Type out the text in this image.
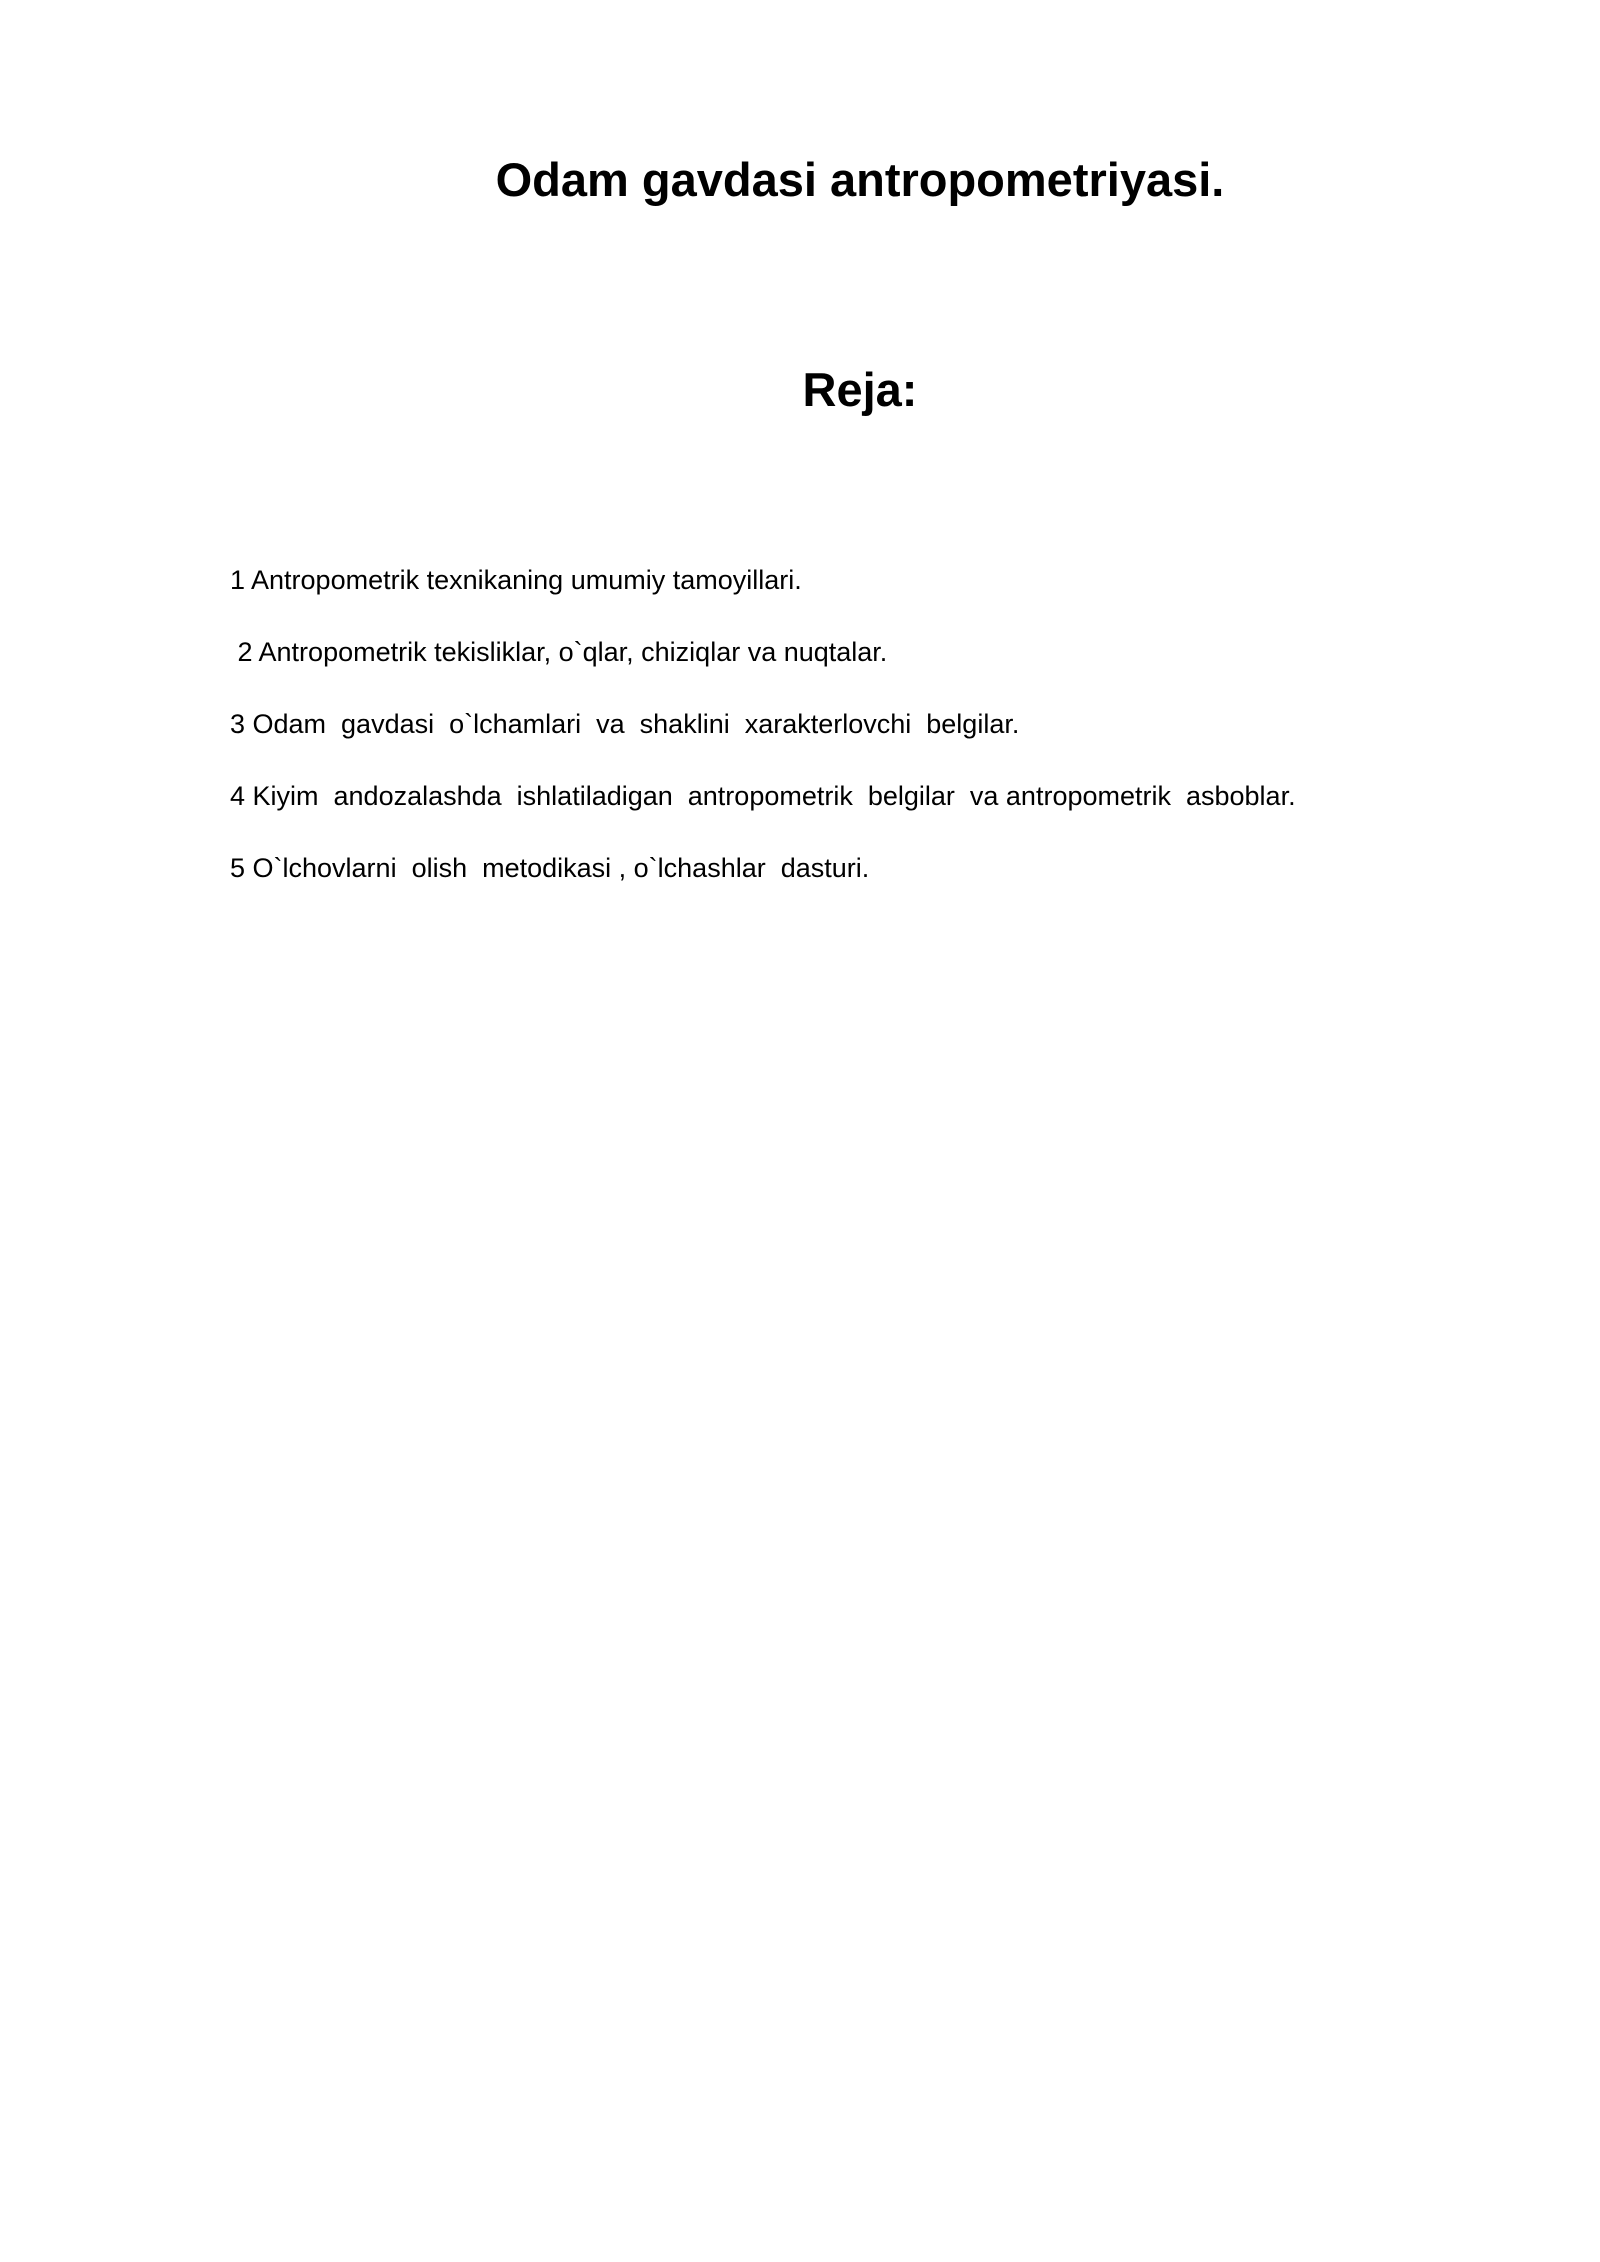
Odam gavdasi antropometriyasi.
Reja:
1 Antropometrik texnikaning umumiy tamoyillari.
2 Antropometrik tekisliklar, o`qlar, chiziqlar va nuqtalar.
3 Odam  gavdasi  o`lchamlari  va  shaklini  xarakterlovchi  belgilar.
4 Kiyim  andozalashda  ishlatiladigan  antropometrik  belgilar  va antropometrik  asboblar.
5 O`lchovlarni  olish  metodikasi , o`lchashlar  dasturi.
